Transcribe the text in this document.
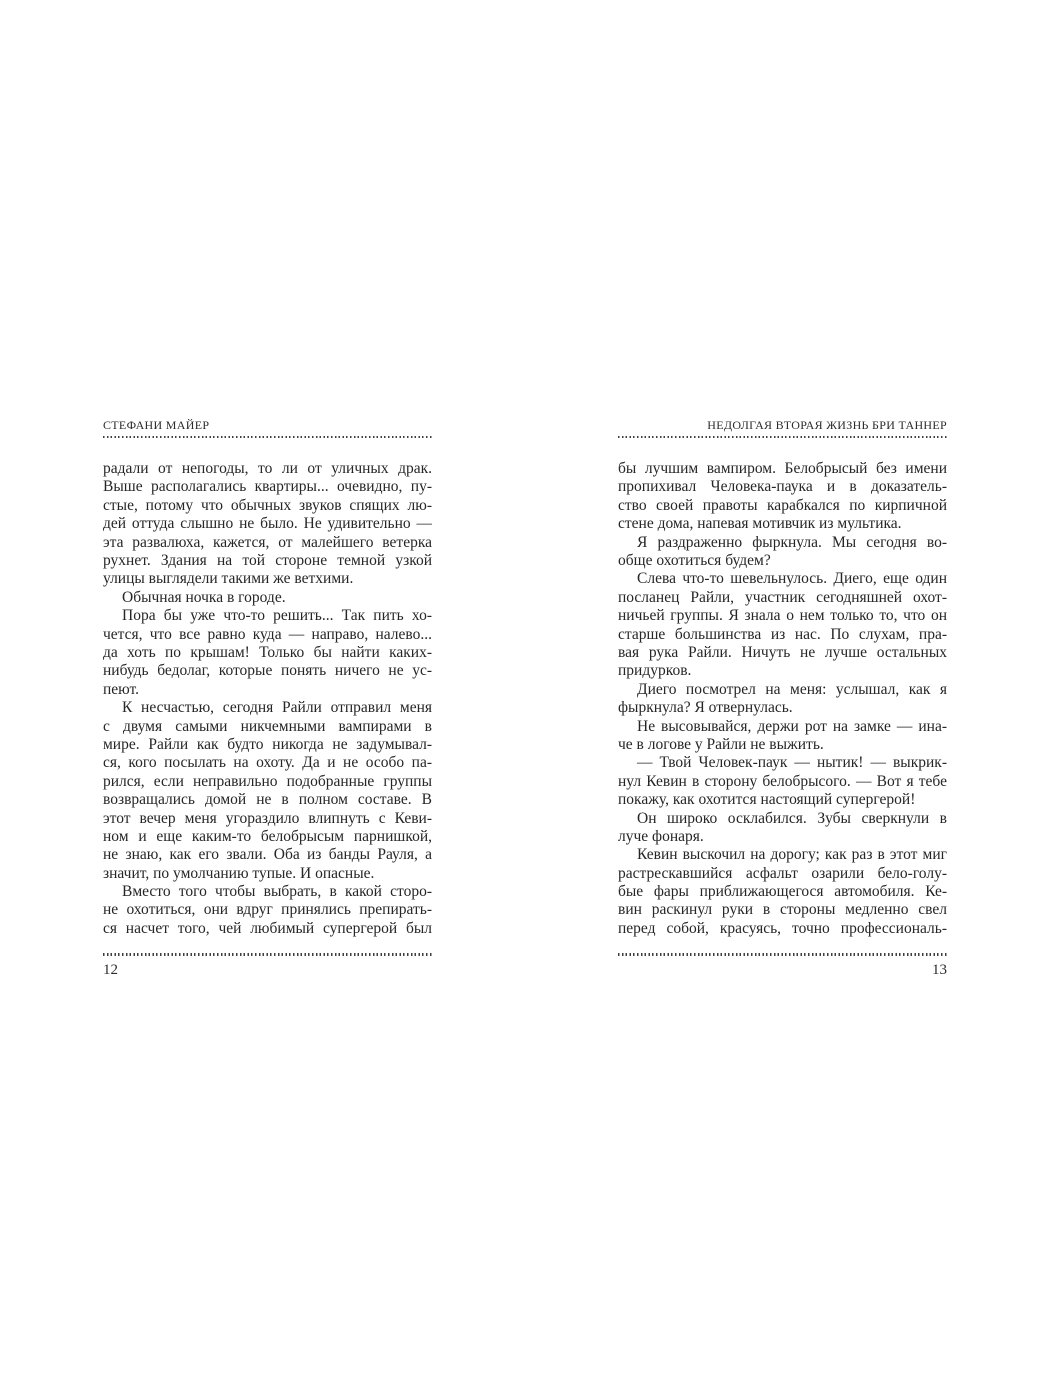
СТЕФАНИ МАЙЕР
радали от непогоды, то ли от уличных драк.
Выше располагались квартиры... очевидно, пу-
стые, потому что обычных звуков спящих лю-
дей оттуда слышно не было. Не удивительно —
эта развалюха, кажется, от малейшего ветерка
рухнет. Здания на той стороне темной узкой
улицы выглядели такими же ветхими.
Обычная ночка в городе.
Пора бы уже что-то решить... Так пить хо-
чется, что все равно куда — направо, налево...
да хоть по крышам! Только бы найти каких-
нибудь бедолаг, которые понять ничего не ус-
пеют.
К несчастью, сегодня Райли отправил меня
с двумя самыми никчемными вампирами в
мире. Райли как будто никогда не задумывал-
ся, кого посылать на охоту. Да и не особо па-
рился, если неправильно подобранные группы
возвращались домой не в полном составе. В
этот вечер меня угораздило влипнуть с Кеви-
ном и еще каким-то белобрысым парнишкой,
не знаю, как его звали. Оба из банды Рауля, а
значит, по умолчанию тупые. И опасные.
Вместо того чтобы выбрать, в какой сторо-
не охотиться, они вдруг принялись препирать-
ся насчет того, чей любимый супергерой был
12
НЕДОЛГАЯ ВТОРАЯ ЖИЗНЬ БРИ ТАННЕР
бы лучшим вампиром. Белобрысый без имени
пропихивал Человека-паука и в доказатель-
ство своей правоты карабкался по кирпичной
стене дома, напевая мотивчик из мультика.
Я раздраженно фыркнула. Мы сегодня во-
обще охотиться будем?
Слева что-то шевельнулось. Диего, еще один
посланец Райли, участник сегодняшней охот-
ничьей группы. Я знала о нем только то, что он
старше большинства из нас. По слухам, пра-
вая рука Райли. Ничуть не лучше остальных
придурков.
Диего посмотрел на меня: услышал, как я
фыркнула? Я отвернулась.
Не высовывайся, держи рот на замке — ина-
че в логове у Райли не выжить.
— Твой Человек-паук — нытик! — выкрик-
нул Кевин в сторону белобрысого. — Вот я тебе
покажу, как охотится настоящий супергерой!
Он широко осклабился. Зубы сверкнули в
луче фонаря.
Кевин выскочил на дорогу; как раз в этот миг
растрескавшийся асфальт озарили бело-голу-
бые фары приближающегося автомобиля. Ке-
вин раскинул руки в стороны медленно свел
перед собой, красуясь, точно профессиональ-
13
